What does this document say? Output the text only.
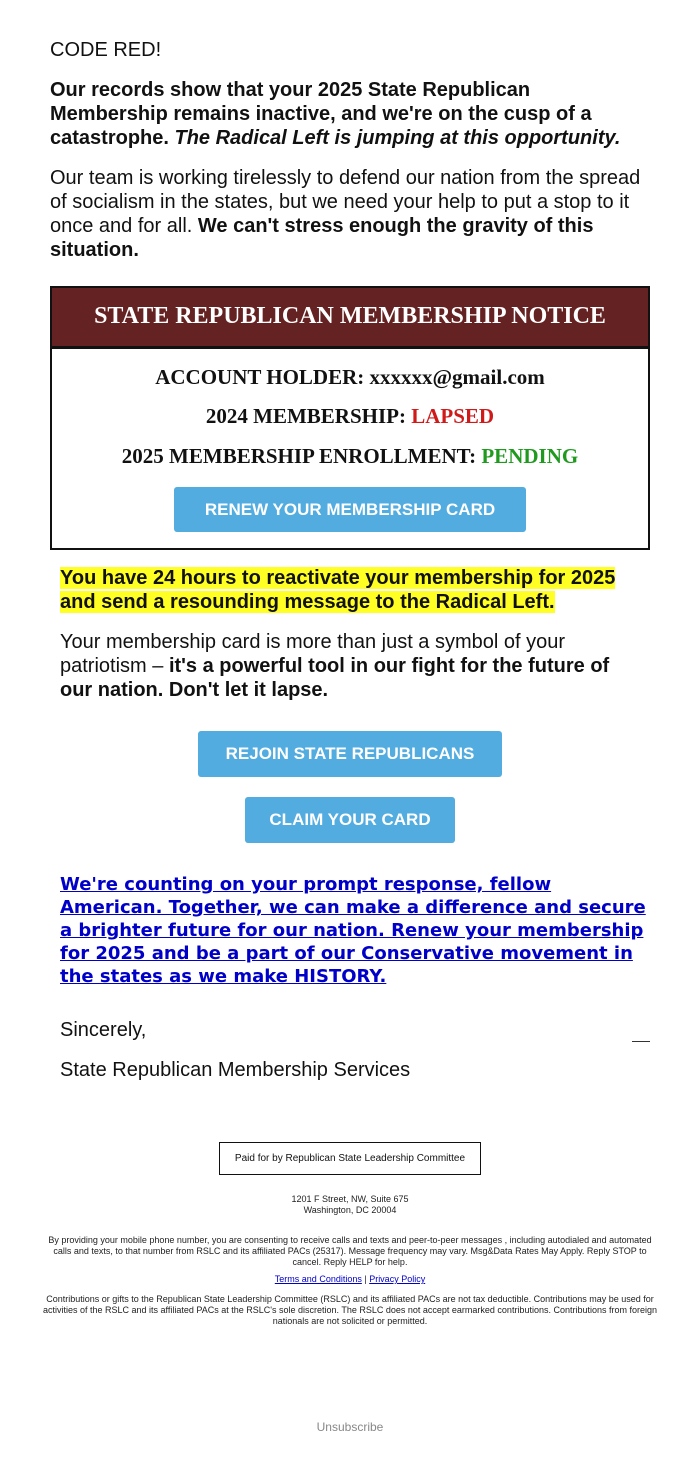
CODE RED!

Our records show that your 2025 State Republican Membership remains inactive, and we're on the cusp of a catastrophe. The Radical Left is jumping at this opportunity.

Our team is working tirelessly to defend our nation from the spread of socialism in the states, but we need your help to put a stop to it once and for all. We can't stress enough the gravity of this situation.

STATE REPUBLICAN MEMBERSHIP NOTICE
ACCOUNT HOLDER: xxxxxx@gmail.com
2024 MEMBERSHIP: LAPSED
2025 MEMBERSHIP ENROLLMENT: PENDING
RENEW YOUR MEMBERSHIP CARD

You have 24 hours to reactivate your membership for 2025 and send a resounding message to the Radical Left.

Your membership card is more than just a symbol of your patriotism – it's a powerful tool in our fight for the future of our nation. Don't let it lapse.

REJOIN STATE REPUBLICANS
CLAIM YOUR CARD

We're counting on your prompt response, fellow American. Together, we can make a difference and secure a brighter future for our nation. Renew your membership for 2025 and be a part of our Conservative movement in the states as we make HISTORY.

Sincerely,

State Republican Membership Services

Paid for by Republican State Leadership Committee
1201 F Street, NW, Suite 675
Washington, DC 20004
By providing your mobile phone number, you are consenting to receive calls and texts and peer-to-peer messages , including autodialed and automated calls and texts, to that number from RSLC and its affiliated PACs (25317). Message frequency may vary. Msg&Data Rates May Apply. Reply STOP to cancel. Reply HELP for help.
Terms and Conditions | Privacy Policy
Contributions or gifts to the Republican State Leadership Committee (RSLC) and its affiliated PACs are not tax deductible. Contributions may be used for activities of the RSLC and its affiliated PACs at the RSLC's sole discretion. The RSLC does not accept earmarked contributions. Contributions from foreign nationals are not solicited or permitted.
Unsubscribe
